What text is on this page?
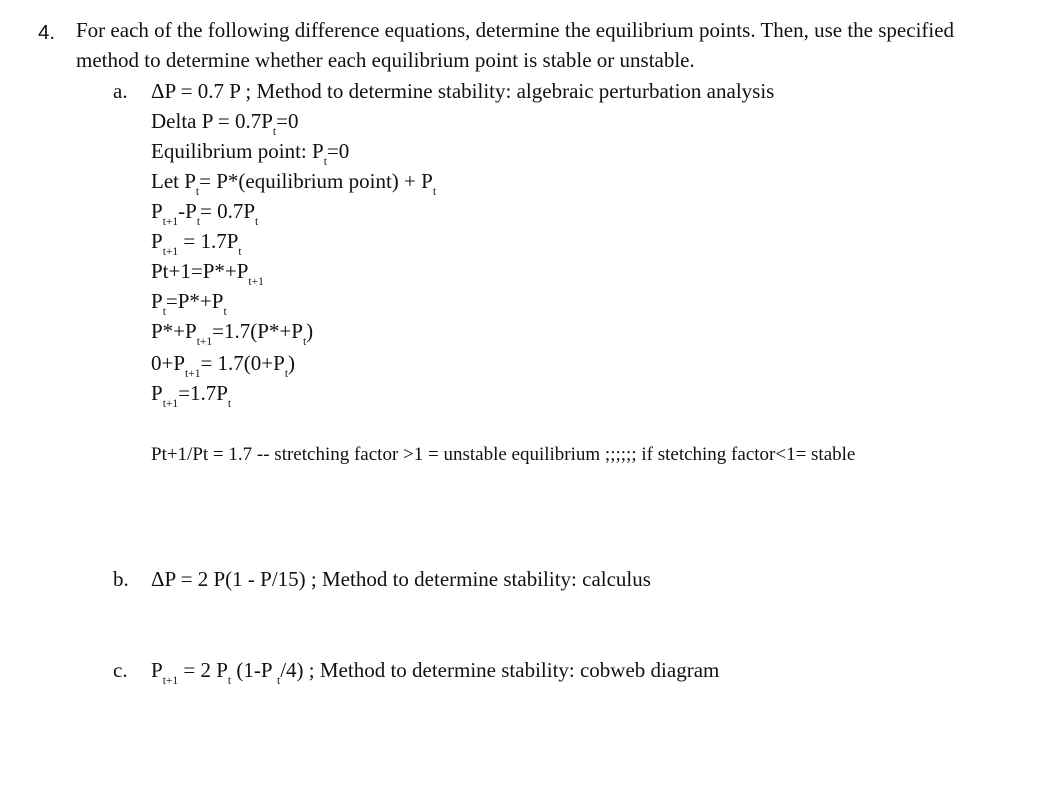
4. For each of the following difference equations, determine the equilibrium points. Then, use the specified method to determine whether each equilibrium point is stable or unstable.
a. ΔP = 0.7 P ; Method to determine stability: algebraic perturbation analysis
Delta $P = 0.7P_t=0$
Equilibrium point: $P_t=0$
Let $P_t=$ P*(equilibrium point) + $P_t$
$P_{t+1}-P_t= 0.7P_t$
$P_{t+1} = 1.7P_t$
$Pt+1=P*+P_{t+1}$
$P_t=P*+P_t$
$P*+P_{t+1}=1.7(P*+P_t)$
$0+P_{t+1}= 1.7(0+P_t)$
$P_{t+1}=1.7P_t$
Pt+1/Pt = 1.7 -- stretching factor >1 = unstable equilibrium ;;;;;; if stetching factor<1= stable
b. ΔP = 2 P(1 - P/15) ; Method to determine stability: calculus
c. $P_{t+1} = 2$ $P_t$ (1-P $_t$/4) ; Method to determine stability: cobweb diagram
